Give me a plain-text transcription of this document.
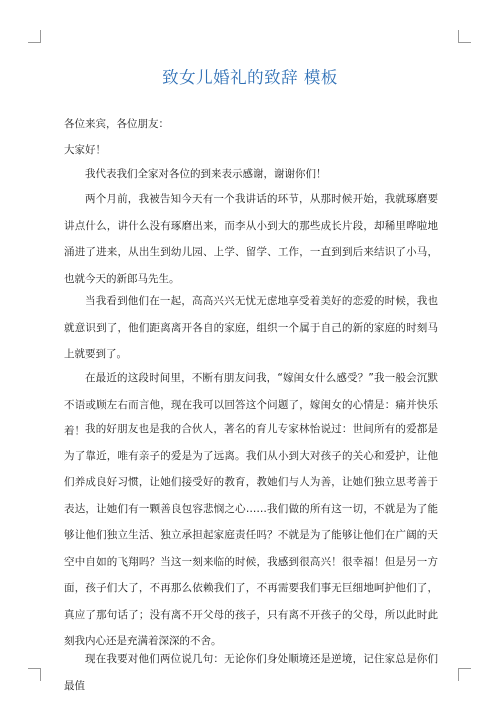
致女儿婚礼的致辞 模板

各位来宾，各位朋友：

大家好！

我代表我们全家对各位的到来表示感谢，谢谢你们！

两个月前，我被告知今天有一个我讲话的环节，从那时候开始，我就琢磨要讲点什么，讲什么没有琢磨出来，而李从小到大的那些成长片段，却稀里哗啦地涌进了进来，从出生到幼儿园、上学、留学、工作，一直到到后来结识了小马，也就今天的新郎马先生。

当我看到他们在一起，高高兴兴无忧无虑地享受着美好的恋爱的时候，我也就意识到了，他们距离离开各自的家庭，组织一个属于自己的新的家庭的时刻马上就要到了。

在最近的这段时间里，不断有朋友问我，“嫁闺女什么感受？”我一般会沉默不语或顾左右而言他，现在我可以回答这个问题了，嫁闺女的心情是：痛并快乐着！ 我的好朋友也是我的合伙人，著名的育儿专家林怡说过：世间所有的爱都是为了靠近，唯有亲子的爱是为了远离。我们从小到大对孩子的关心和爱护，让他们养成良好习惯，让她们接受好的教育，教她们与人为善，让她们独立思考善于表达，让她们有一颗善良包容悲悯之心……我们做的所有这一切，不就是为了能够让他们独立生活、独立承担起家庭责任吗？不就是为了能够让他们在广阔的天空中自如的飞翔吗？当这一刻来临的时候，我感到很高兴！很幸福！但是另一方面，孩子们大了，不再那么依赖我们了，不再需要我们事无巨细地呵护他们了，真应了那句话了；没有离不开父母的孩子，只有离不开孩子的父母，所以此时此刻我内心还是充满着深深的不舍。

现在我要对他们两位说几句：无论你们身处顺境还是逆境，记住家总是你们最值
